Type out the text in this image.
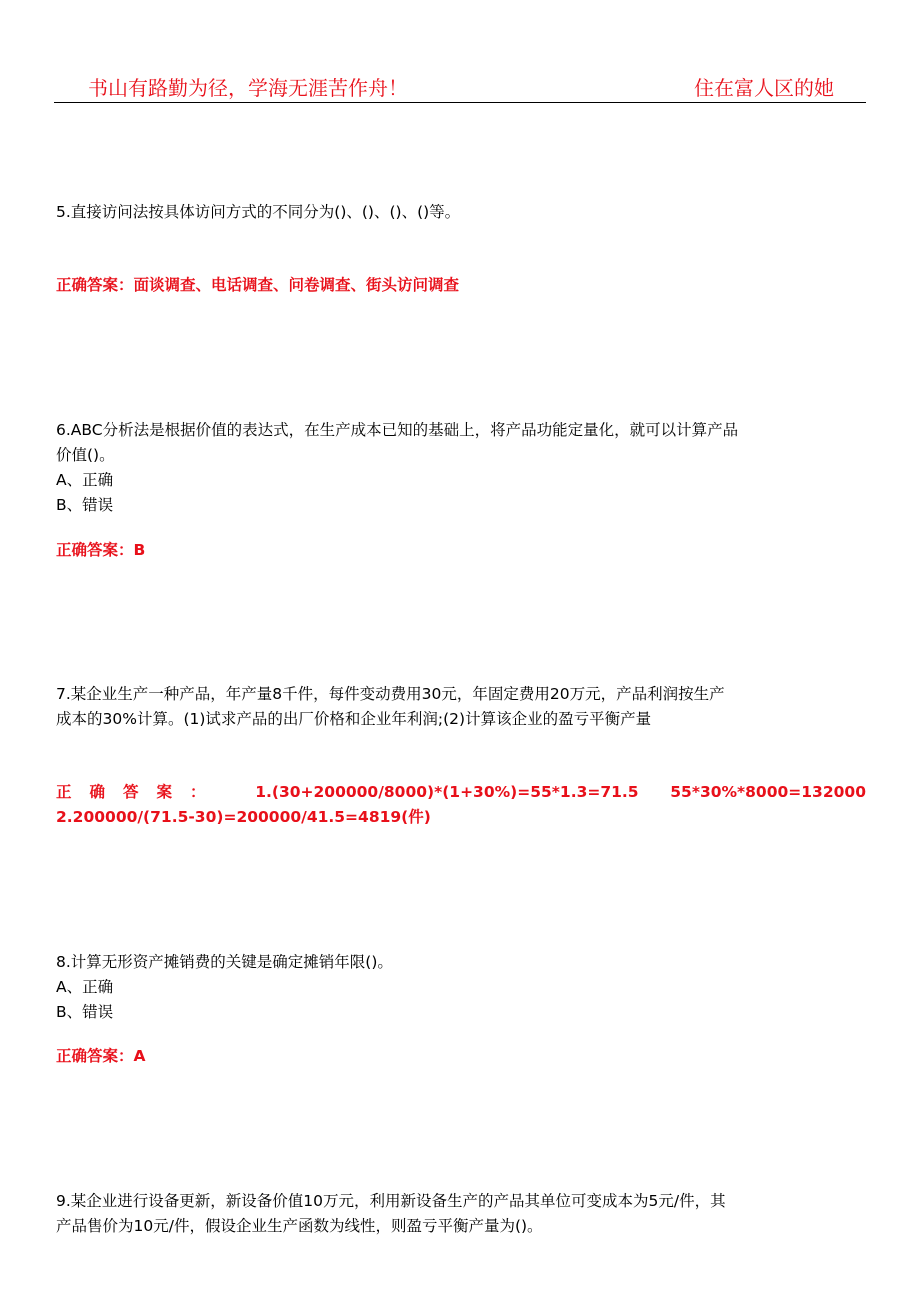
书山有路勤为径，学海无涯苦作舟！	住在富人区的她
5.直接访问法按具体访问方式的不同分为()、()、()、()等。
正确答案：面谈调查、电话调查、问卷调查、街头访问调查
6.ABC分析法是根据价值的表达式，在生产成本已知的基础上，将产品功能定量化，就可以计算产品
价值()。
A、正确
B、错误
正确答案：B
7.某企业生产一种产品，年产量8千件，每件变动费用30元，年固定费用20万元，产品利润按生产
成本的30%计算。(1)试求产品的出厂价格和企业年利润;(2)计算该企业的盈亏平衡产量
正确答案： 1.(30+200000/8000)*(1+30%)=55*1.3=71.5 55*30%*8000=132000
2.200000/(71.5-30)=200000/41.5=4819(件)
8.计算无形资产摊销费的关键是确定摊销年限()。
A、正确
B、错误
正确答案：A
9.某企业进行设备更新，新设备价值10万元，利用新设备生产的产品其单位可变成本为5元/件，其
产品售价为10元/件，假设企业生产函数为线性，则盈亏平衡产量为()。
